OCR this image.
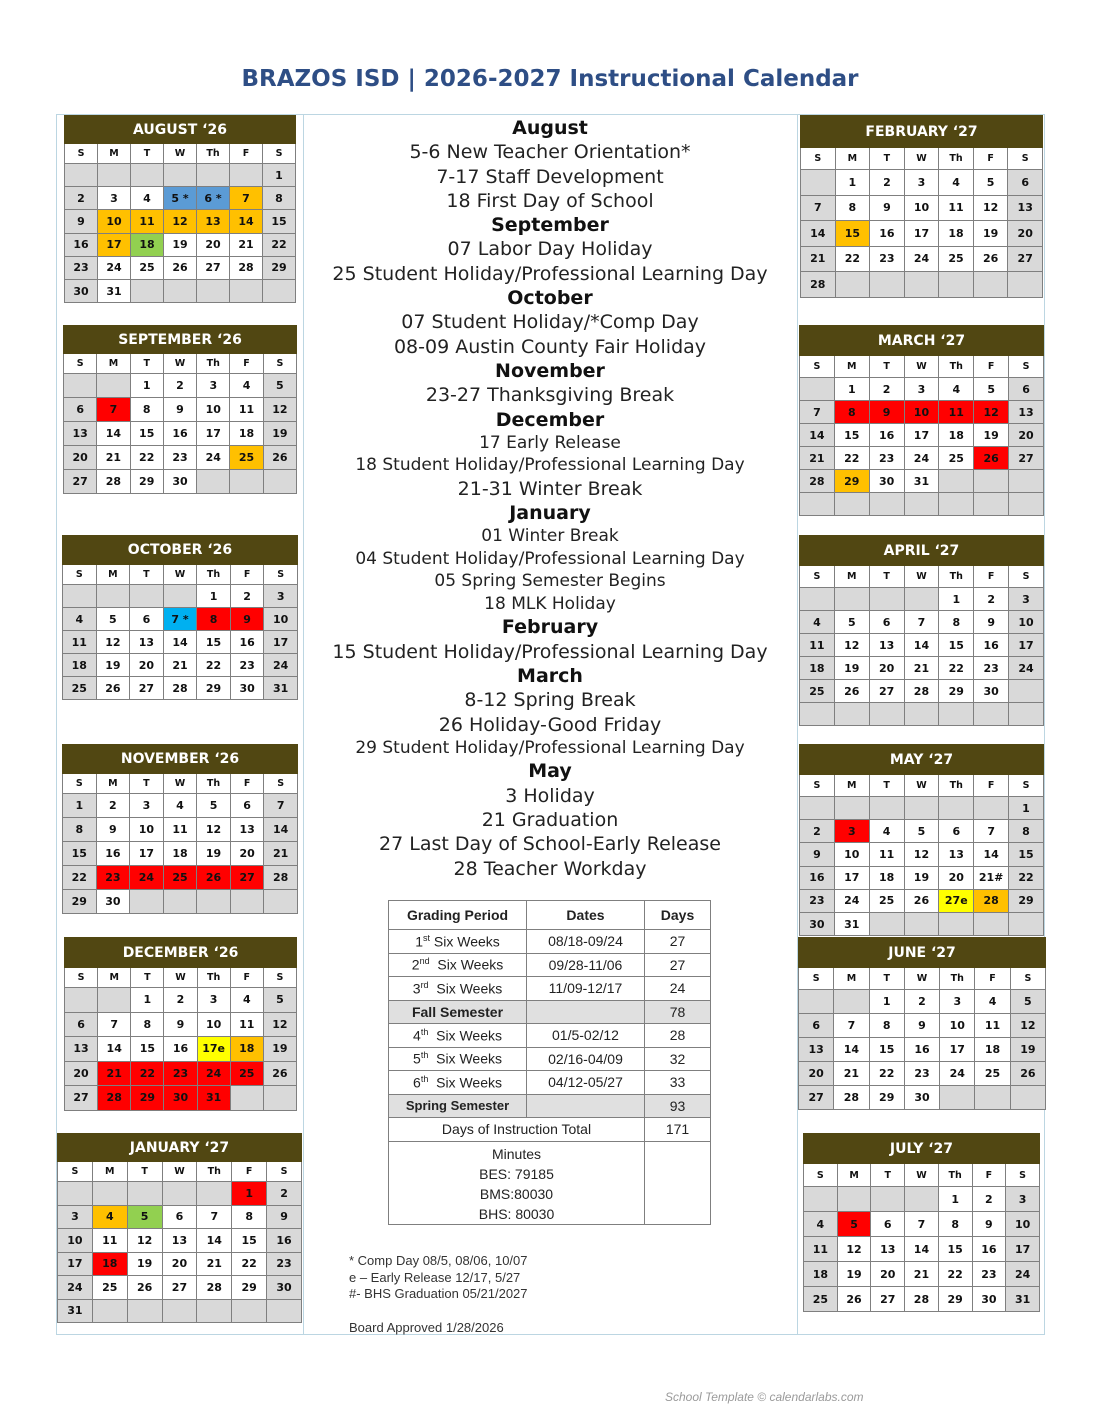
BRAZOS ISD | 2026-2027 Instructional Calendar
AUGUST ‘26						
S	M	T	W	Th	F	S
						1
2	3	4	5 *	6 *	7	8
9	10	11	12	13	14	15
16	17	18	19	20	21	22
23	24	25	26	27	28	29
30	31					
SEPTEMBER ‘26						
S	M	T	W	Th	F	S
		1	2	3	4	5
6	7	8	9	10	11	12
13	14	15	16	17	18	19
20	21	22	23	24	25	26
27	28	29	30			
OCTOBER ‘26						
S	M	T	W	Th	F	S
				1	2	3
4	5	6	7 *	8	9	10
11	12	13	14	15	16	17
18	19	20	21	22	23	24
25	26	27	28	29	30	31
NOVEMBER ‘26						
S	M	T	W	Th	F	S
1	2	3	4	5	6	7
8	9	10	11	12	13	14
15	16	17	18	19	20	21
22	23	24	25	26	27	28
29	30					
DECEMBER ‘26						
S	M	T	W	Th	F	S
		1	2	3	4	5
6	7	8	9	10	11	12
13	14	15	16	17e	18	19
20	21	22	23	24	25	26
27	28	29	30	31		
JANUARY ‘27						
S	M	T	W	Th	F	S
					1	2
3	4	5	6	7	8	9
10	11	12	13	14	15	16
17	18	19	20	21	22	23
24	25	26	27	28	29	30
31						
FEBRUARY ‘27						
S	M	T	W	Th	F	S
	1	2	3	4	5	6
7	8	9	10	11	12	13
14	15	16	17	18	19	20
21	22	23	24	25	26	27
28						
MARCH ‘27						
S	M	T	W	Th	F	S
	1	2	3	4	5	6
7	8	9	10	11	12	13
14	15	16	17	18	19	20
21	22	23	24	25	26	27
28	29	30	31			

APRIL ‘27						
S	M	T	W	Th	F	S
				1	2	3
4	5	6	7	8	9	10
11	12	13	14	15	16	17
18	19	20	21	22	23	24
25	26	27	28	29	30	

MAY ‘27						
S	M	T	W	Th	F	S
						1
2	3	4	5	6	7	8
9	10	11	12	13	14	15
16	17	18	19	20	21#	22
23	24	25	26	27e	28	29
30	31					
JUNE ‘27						
S	M	T	W	Th	F	S
		1	2	3	4	5
6	7	8	9	10	11	12
13	14	15	16	17	18	19
20	21	22	23	24	25	26
27	28	29	30			
JULY ‘27						
S	M	T	W	Th	F	S
				1	2	3
4	5	6	7	8	9	10
11	12	13	14	15	16	17
18	19	20	21	22	23	24
25	26	27	28	29	30	31
August
5-6 New Teacher Orientation*
7-17 Staff Development
18 First Day of School
September
07 Labor Day Holiday
25 Student Holiday/Professional Learning Day
October
07 Student Holiday/*Comp Day
08-09 Austin County Fair Holiday
November
23-27 Thanksgiving Break
December
17 Early Release
18 Student Holiday/Professional Learning Day
21-31 Winter Break
January
01 Winter Break
04 Student Holiday/Professional Learning Day
05 Spring Semester Begins
18 MLK Holiday
February
15 Student Holiday/Professional Learning Day
March
8-12 Spring Break
26 Holiday-Good Friday
29 Student Holiday/Professional Learning Day
May
3 Holiday
21 Graduation
27 Last Day of School-Early Release
28 Teacher Workday
Grading Period	Dates	Days
1st Six Weeks	08/18-09/24	27
2nd  Six Weeks	09/28-11/06	27
3rd  Six Weeks	11/09-12/17	24
Fall Semester		78
4th  Six Weeks	01/5-02/12	28
5th  Six Weeks	02/16-04/09	32
6th  Six Weeks	04/12-05/27	33
Spring Semester		93
Days of Instruction Total		171

Minutes
BES: 79185
BMS:80030
BHS: 80030		

* Comp Day 08/5, 08/06, 10/07
e – Early Release 12/17, 5/27
#- BHS Graduation 05/21/2027
Board Approved 1/28/2026
School Template © calendarlabs.com
